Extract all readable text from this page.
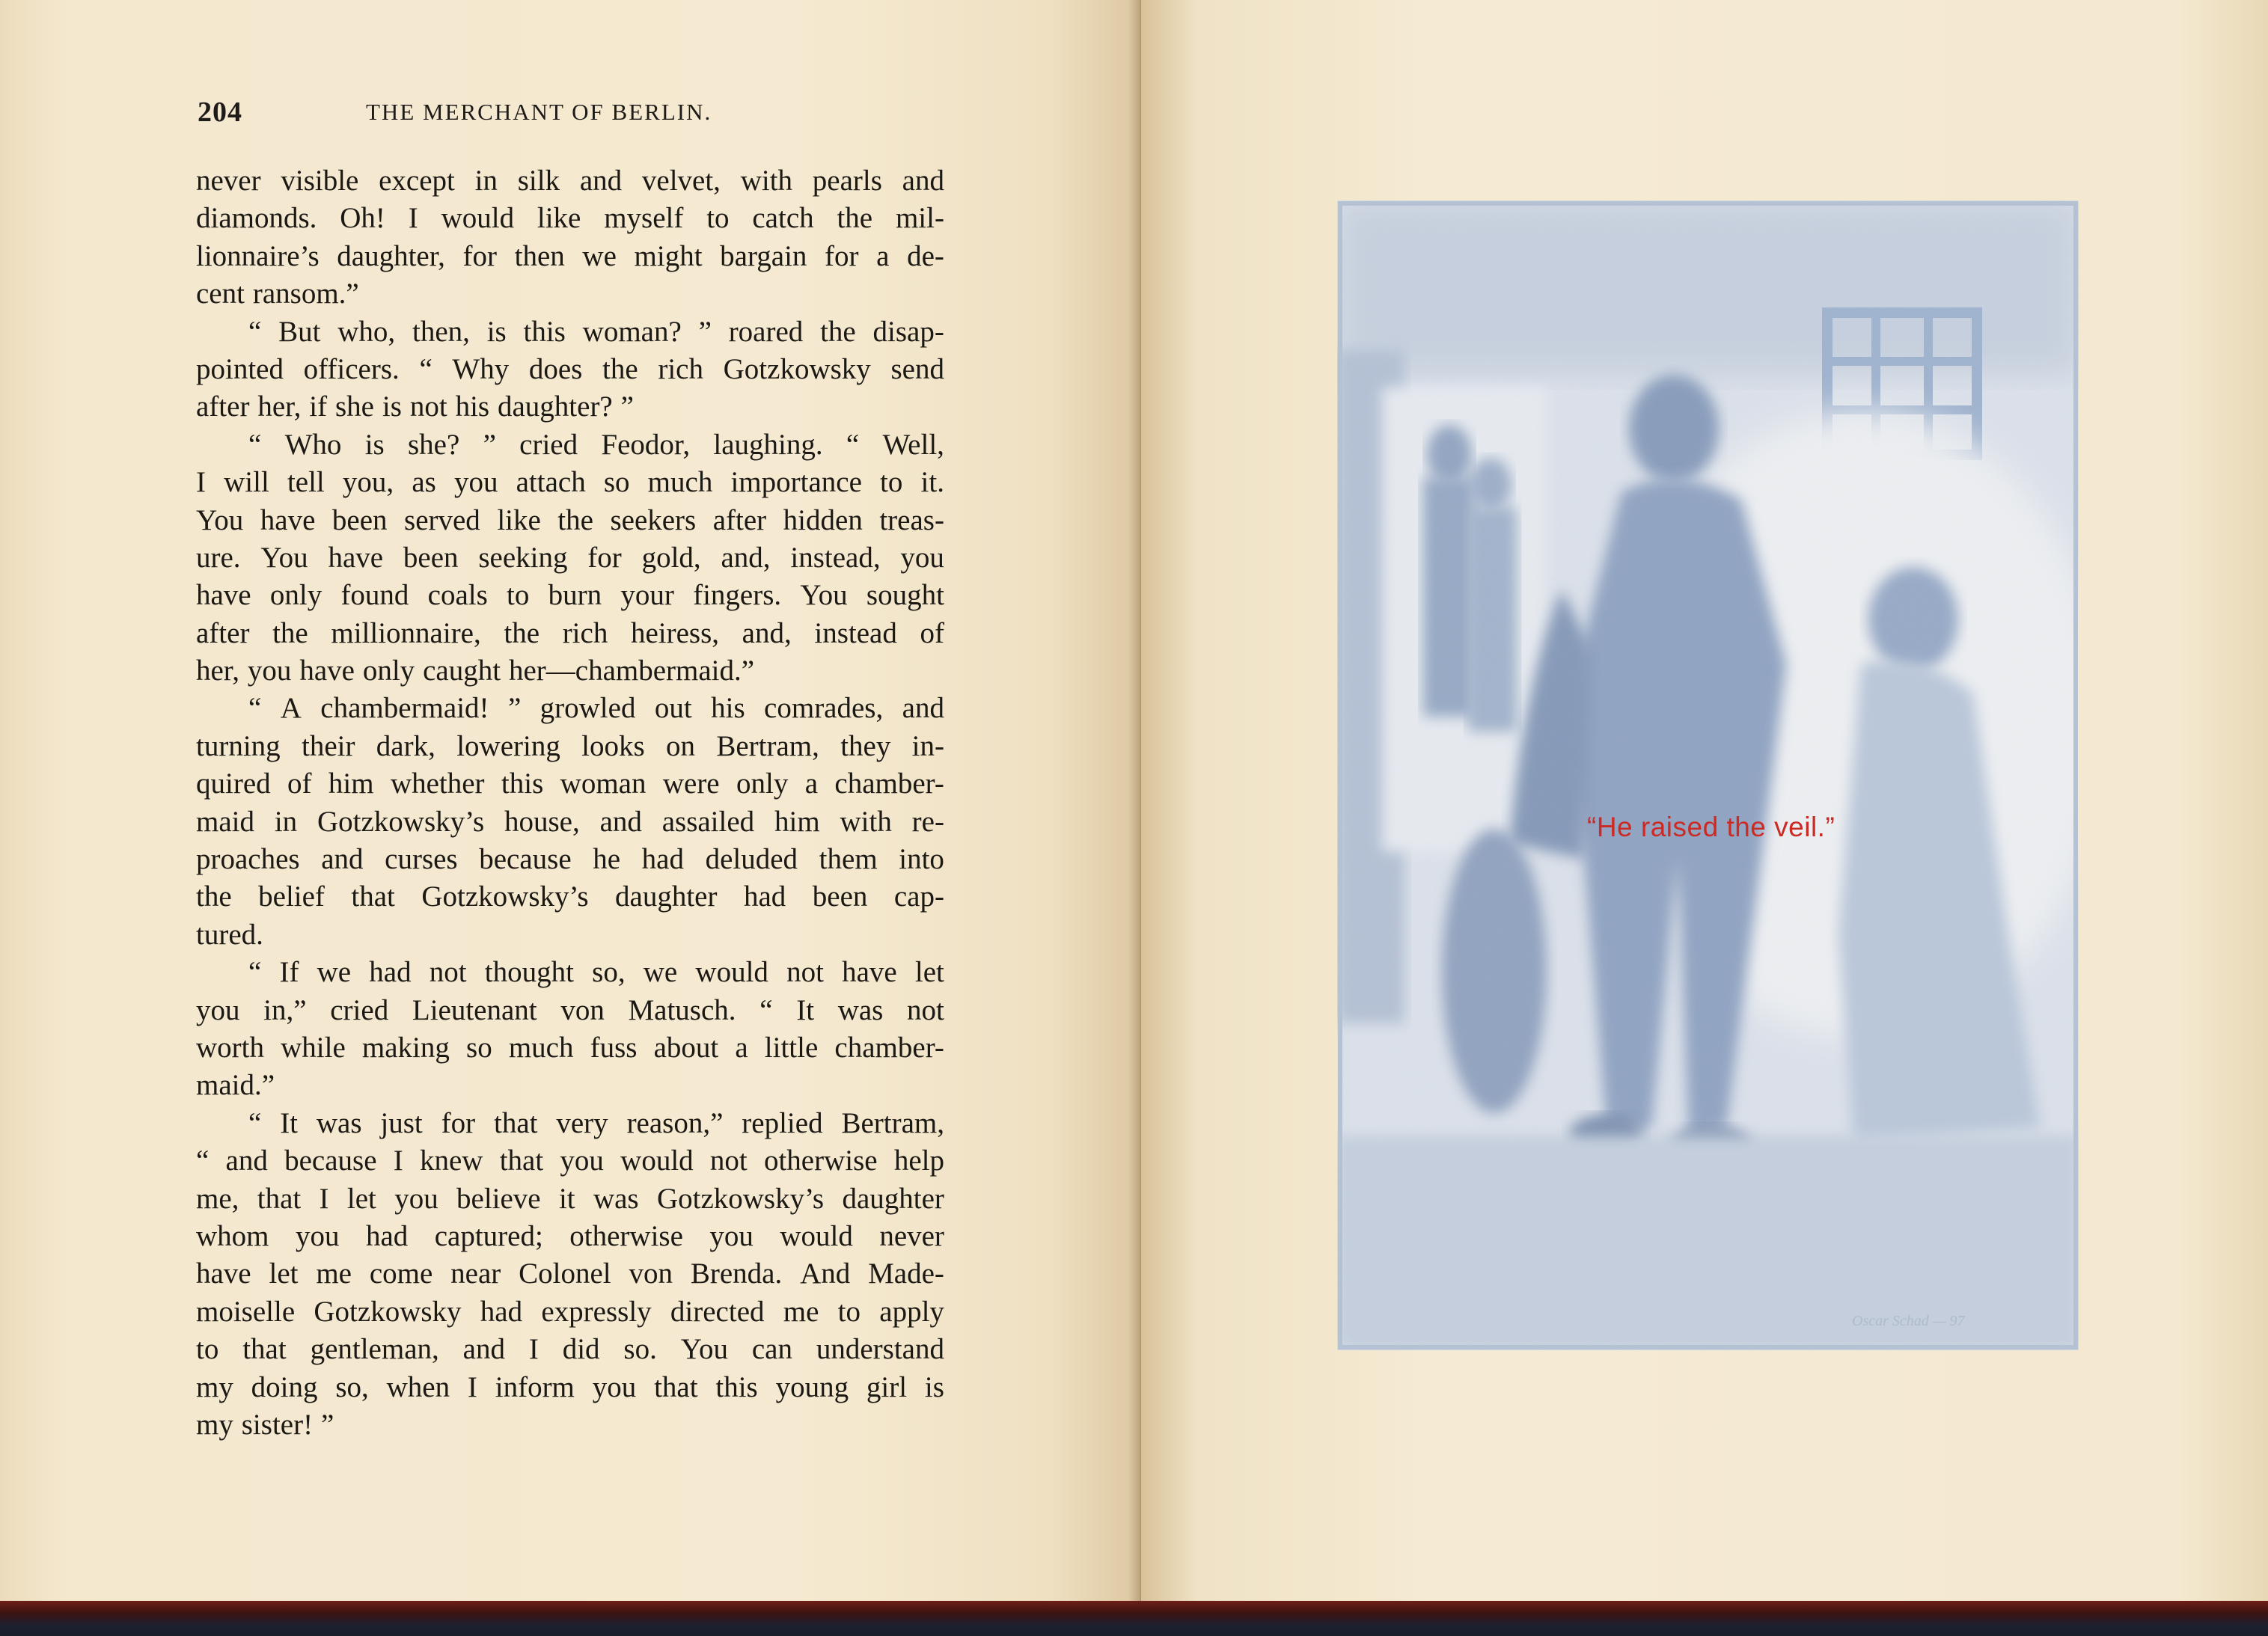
204	THE MERCHANT OF BERLIN.
never visible except in silk and velvet, with pearls and
diamonds. Oh! I would like myself to catch the mil-
lionnaire’s daughter, for then we might bargain for a de-
cent ransom.”
“ But who, then, is this woman? ” roared the disap-
pointed officers. “ Why does the rich Gotzkowsky send
after her, if she is not his daughter? ”
“ Who is she? ” cried Feodor, laughing. “ Well,
I will tell you, as you attach so much importance to it.
You have been served like the seekers after hidden treas-
ure. You have been seeking for gold, and, instead, you
have only found coals to burn your fingers. You sought
after the millionnaire, the rich heiress, and, instead of
her, you have only caught her—chambermaid.”
“ A chambermaid! ” growled out his comrades, and
turning their dark, lowering looks on Bertram, they in-
quired of him whether this woman were only a chamber-
maid in Gotzkowsky’s house, and assailed him with re-
proaches and curses because he had deluded them into
the belief that Gotzkowsky’s daughter had been cap-
tured.
“ If we had not thought so, we would not have let
you in,” cried Lieutenant von Matusch. “ It was not
worth while making so much fuss about a little chamber-
maid.”
“ It was just for that very reason,” replied Bertram,
“ and because I knew that you would not otherwise help
me, that I let you believe it was Gotzkowsky’s daughter
whom you had captured; otherwise you would never
have let me come near Colonel von Brenda. And Made-
moiselle Gotzkowsky had expressly directed me to apply
to that gentleman, and I did so. You can understand
my doing so, when I inform you that this young girl is
my sister! ”
“He raised the veil.”
Oscar Schad — 97
